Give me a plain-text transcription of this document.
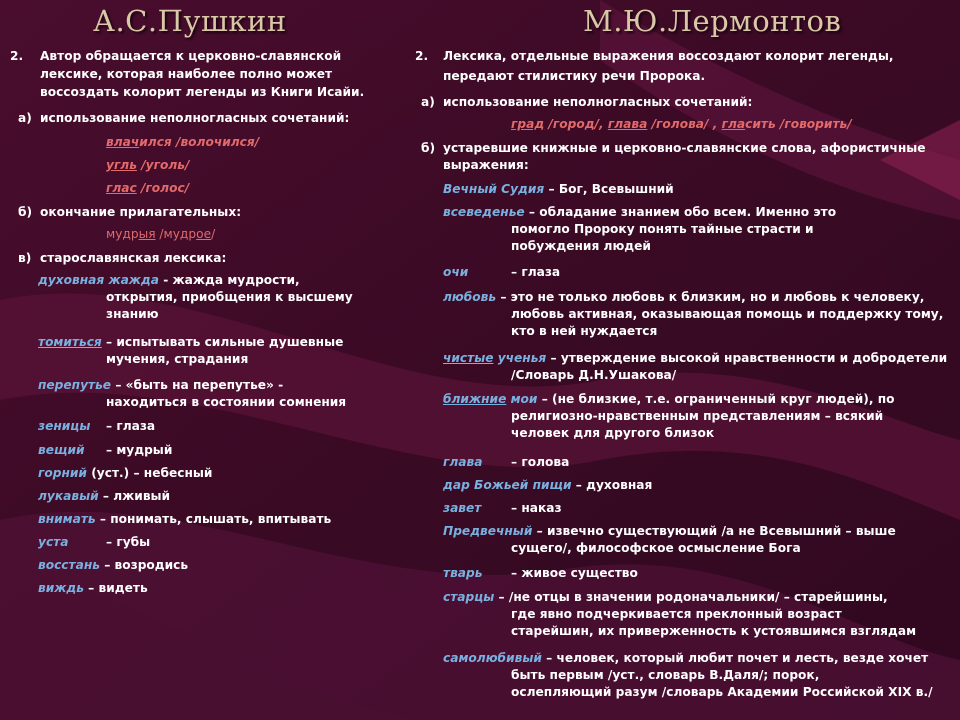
А.С.Пушкин
2. Автор обращается к церковно-славянской
лексике, которая наиболее полно может
воссоздать колорит легенды из Книги Исайи.
а) использование неполногласных сочетаний:
влачился /волочился/
угль /уголь/
глас /голос/
б) окончание прилагательных:
мудрыя /мудрое/
в) старославянская лексика:
духовная жажда - жажда мудрости,
открытия, приобщения к высшему
знанию
томиться – испытывать сильные душевные
мучения, страдания
перепутье – «быть на перепутье» -
находиться в состоянии сомнения
зеницы – глаза
вещий – мудрый
горний (уст.) – небесный
лукавый – лживый
внимать – понимать, слышать, впитывать
уста	– губы
восстань – возродись
виждь – видеть
М.Ю.Лермонтов
2. Лексика, отдельные выражения воссоздают колорит легенды,
передают стилистику речи Пророка.
а) использование неполногласных сочетаний:
град /город/, глава /голова/ , гласить /говорить/
б) устаревшие книжные и церковно-славянские слова, афористичные
выражения:
Вечный Судия – Бог, Всевышний
всеведенье – обладание знанием обо всем. Именно это
помогло Пророку понять тайные страсти и
побуждения людей
очи	– глаза
любовь – это не только любовь к близким, но и любовь к человеку,
любовь активная, оказывающая помощь и поддержку тому,
кто в ней нуждается
чистые ученья – утверждение высокой нравственности и добродетели
/Словарь Д.Н.Ушакова/
ближние мои – (не близкие, т.е. ограниченный круг людей), по
религиозно-нравственным представлениям – всякий
человек для другого близок
глава – голова
дар Божьей пищи – духовная
завет – наказ
Предвечный – извечно существующий /а не Всевышний – выше
сущего/, философское осмысление Бога
тварь – живое существо
старцы – /не отцы в значении родоначальники/ – старейшины,
где явно подчеркивается преклонный возраст
старейшин, их приверженность к устоявшимся взглядам
самолюбивый – человек, который любит почет и лесть, везде хочет
быть первым /уст., словарь В.Даля/; порок,
ослепляющий разум /словарь Академии Российской XIX в./
